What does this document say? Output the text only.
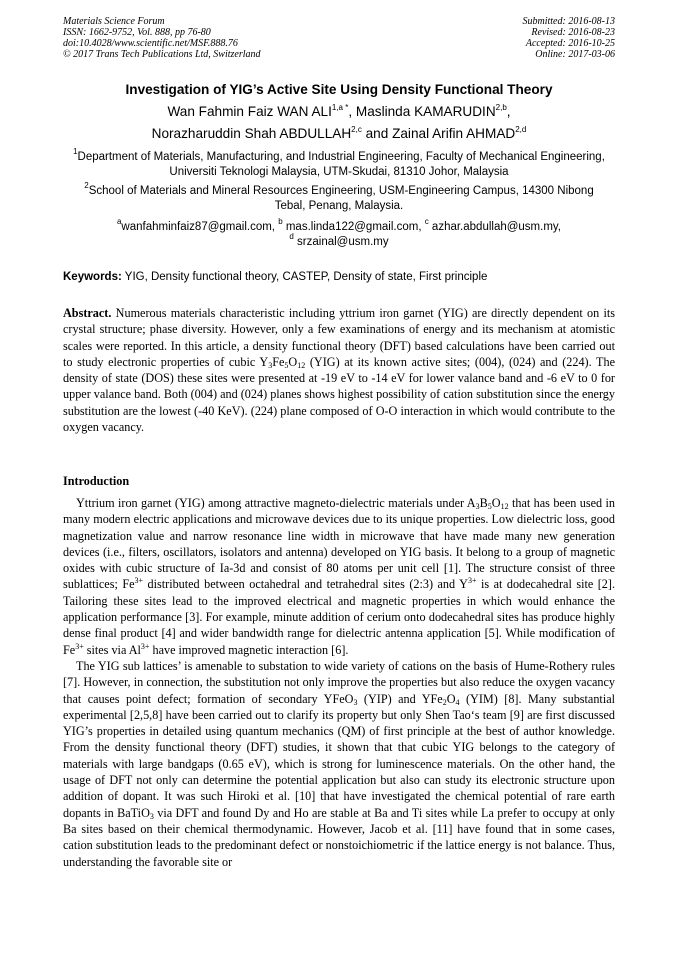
Materials Science Forum
ISSN: 1662-9752, Vol. 888, pp 76-80
doi:10.4028/www.scientific.net/MSF.888.76
© 2017 Trans Tech Publications Ltd, Switzerland
Submitted: 2016-08-13
Revised: 2016-08-23
Accepted: 2016-10-25
Online: 2017-03-06
Investigation of YIG’s Active Site Using Density Functional Theory
Wan Fahmin Faiz WAN $ALI^{1,a *}$, Maslinda KAMARUDIN$^{2,b}$,
Norazharuddin Shah ABDULLAH$^{2,c}$ and Zainal Arifin AHMAD$^{2,d}$
$^1$Department of Materials, Manufacturing, and Industrial Engineering, Faculty of Mechanical Engineering, Universiti Teknologi Malaysia, UTM-Skudai, 81310 Johor, Malaysia
$^2$School of Materials and Mineral Resources Engineering, USM-Engineering Campus, 14300 Nibong Tebal, Penang, Malaysia.
$^a$wanfahminfaiz87@gmail.com, $^b$ mas.linda122@gmail.com, $^c$ azhar.abdullah@usm.my,
$^d$ srzainal@usm.my
Keywords: YIG, Density functional theory, CASTEP, Density of state, First principle
Abstract. Numerous materials characteristic including yttrium iron garnet (YIG) are directly dependent on its crystal structure; phase diversity. However, only a few examinations of energy and its mechanism at atomistic scales were reported. In this article, a density functional theory (DFT) based calculations have been carried out to study electronic properties of cubic $Y_3Fe_5O_{12}$ (YIG) at its known active sites; (004), (024) and (224). The density of state (DOS) these sites were presented at -19 eV to -14 eV for lower valance band and -6 eV to 0 for upper valance band. Both (004) and (024) planes shows highest possibility of cation substitution since the energy substitution are the lowest (-40 KeV). (224) plane composed of O-O interaction in which would contribute to the oxygen vacancy.
Introduction

Yttrium iron garnet (YIG) among attractive magneto-dielectric materials under $A_3B_5O_{12}$ that has been used in many modern electric applications and microwave devices due to its unique properties. Low dielectric loss, good magnetization value and narrow resonance line width in microwave that have made many new generation devices (i.e., filters, oscillators, isolators and antenna) developed on YIG basis. It belong to a group of magnetic oxides with cubic structure of Ia-3d and consist of 80 atoms per unit cell [1]. The structure consist of three sublattices; $Fe^{3+}$ distributed between octahedral and tetrahedral sites (2:3) and $Y^{3+}$ is at dodecahedral site [2]. Tailoring these sites lead to the improved electrical and magnetic properties in which would enhance the application performance [3]. For example, minute addition of cerium onto dodecahedral sites has produce highly dense final product [4] and wider bandwidth range for dielectric antenna application [5]. While modification of $Fe^{3+}$ sites via $Al^{3+}$ have improved magnetic interaction [6].

The YIG sub lattices’ is amenable to substation to wide variety of cations on the basis of Hume-Rothery rules [7]. However, in connection, the substitution not only improve the properties but also reduce the oxygen vacancy that causes point defect; formation of secondary YFeO$_3$ (YIP) and $YFe_2O_4$ (YIM) [8]. Many substantial experimental [2,5,8] have been carried out to clarify its property but only Shen Tao‘s team [9] are first discussed YIG’s properties in detailed using quantum mechanics (QM) of first principle at the best of author knowledge. From the density functional theory (DFT) studies, it shown that that cubic YIG belongs to the category of materials with large bandgaps (0.65 eV), which is strong for luminescence materials. On the other hand, the usage of DFT not only can determine the potential application but also can study its electronic structure upon addition of dopant. It was such Hiroki et al. [10] that have investigated the chemical potential of rare earth dopants in BaTiO$_3$ via DFT and found Dy and Ho are stable at Ba and Ti sites while La prefer to occupy at only Ba sites based on their chemical thermodynamic. However, Jacob et al. [11] have found that in some cases, cation substitution leads to the predominant defect or nonstoichiometric if the lattice energy is not balance. Thus, understanding the favorable site or
